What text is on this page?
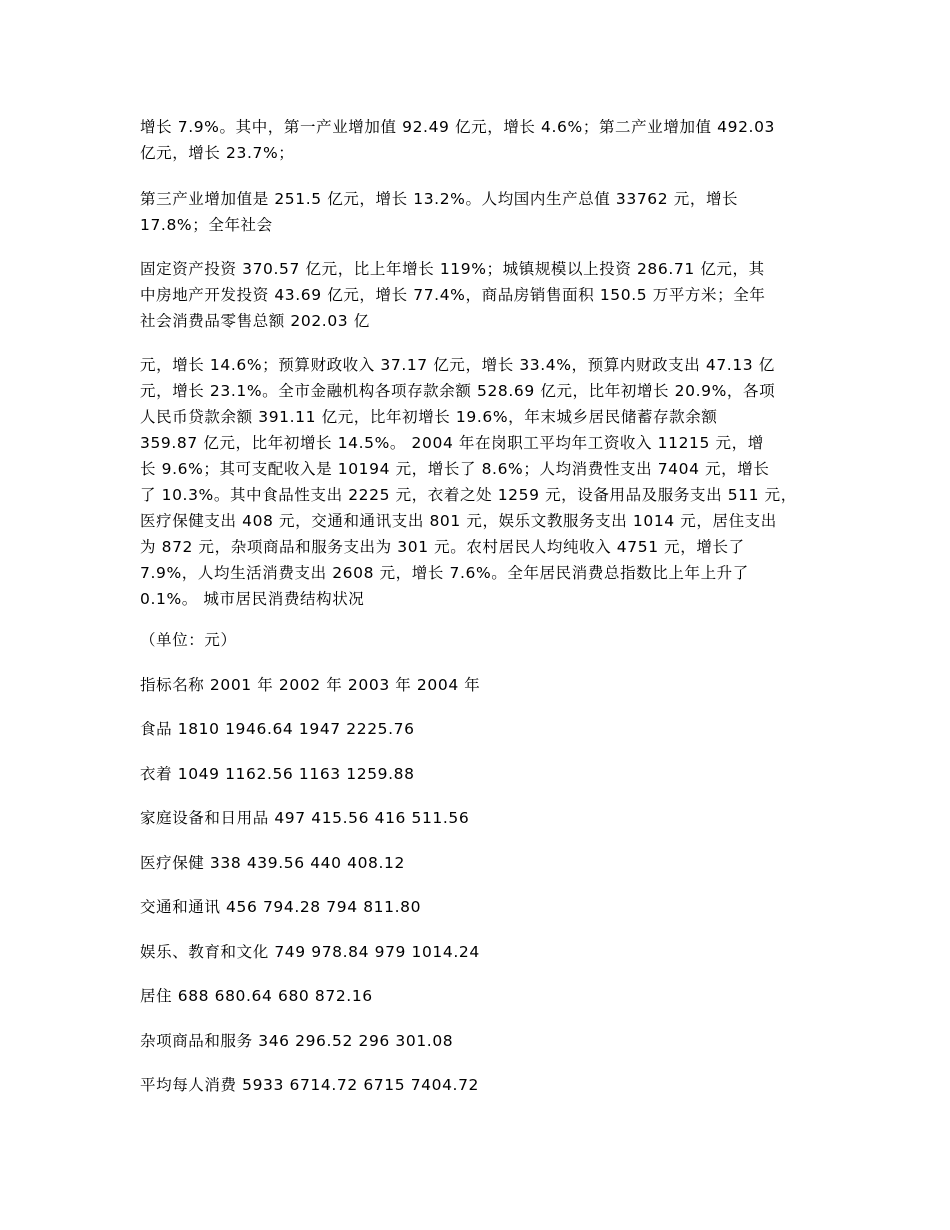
增长 7.9%。其中，第一产业增加值 92.49 亿元，增长 4.6%；第二产业增加值 492.03
亿元，增长 23.7%；

第三产业增加值是 251.5 亿元，增长 13.2%。人均国内生产总值 33762 元，增长
17.8%；全年社会

固定资产投资 370.57 亿元，比上年增长 119%；城镇规模以上投资 286.71 亿元，其
中房地产开发投资 43.69 亿元，增长 77.4%，商品房销售面积 150.5 万平方米；全年
社会消费品零售总额 202.03 亿

元，增长 14.6%；预算财政收入 37.17 亿元，增长 33.4%，预算内财政支出 47.13 亿
元，增长 23.1%。全市金融机构各项存款余额 528.69 亿元，比年初增长 20.9%，各项
人民币贷款余额 391.11 亿元，比年初增长 19.6%，年末城乡居民储蓄存款余额
359.87 亿元，比年初增长 14.5%。 2004 年在岗职工平均年工资收入 11215 元，增
长 9.6%；其可支配收入是 10194 元，增长了 8.6%；人均消费性支出 7404 元，增长
了 10.3%。其中食品性支出 2225 元，衣着之处 1259 元，设备用品及服务支出 511 元，
医疗保健支出 408 元，交通和通讯支出 801 元，娱乐文教服务支出 1014 元，居住支出
为 872 元，杂项商品和服务支出为 301 元。农村居民人均纯收入 4751 元，增长了
7.9%，人均生活消费支出 2608 元，增长 7.6%。全年居民消费总指数比上年上升了
0.1%。 城市居民消费结构状况

（单位：元）
指标名称 2001 年 2002 年 2003 年 2004 年
食品 1810 1946.64 1947 2225.76
衣着 1049 1162.56 1163 1259.88
家庭设备和日用品 497 415.56 416 511.56
医疗保健 338 439.56 440 408.12
交通和通讯 456 794.28 794 811.80
娱乐、教育和文化 749 978.84 979 1014.24
居住 688 680.64 680 872.16
杂项商品和服务 346 296.52 296 301.08
平均每人消费 5933 6714.72 6715 7404.72
